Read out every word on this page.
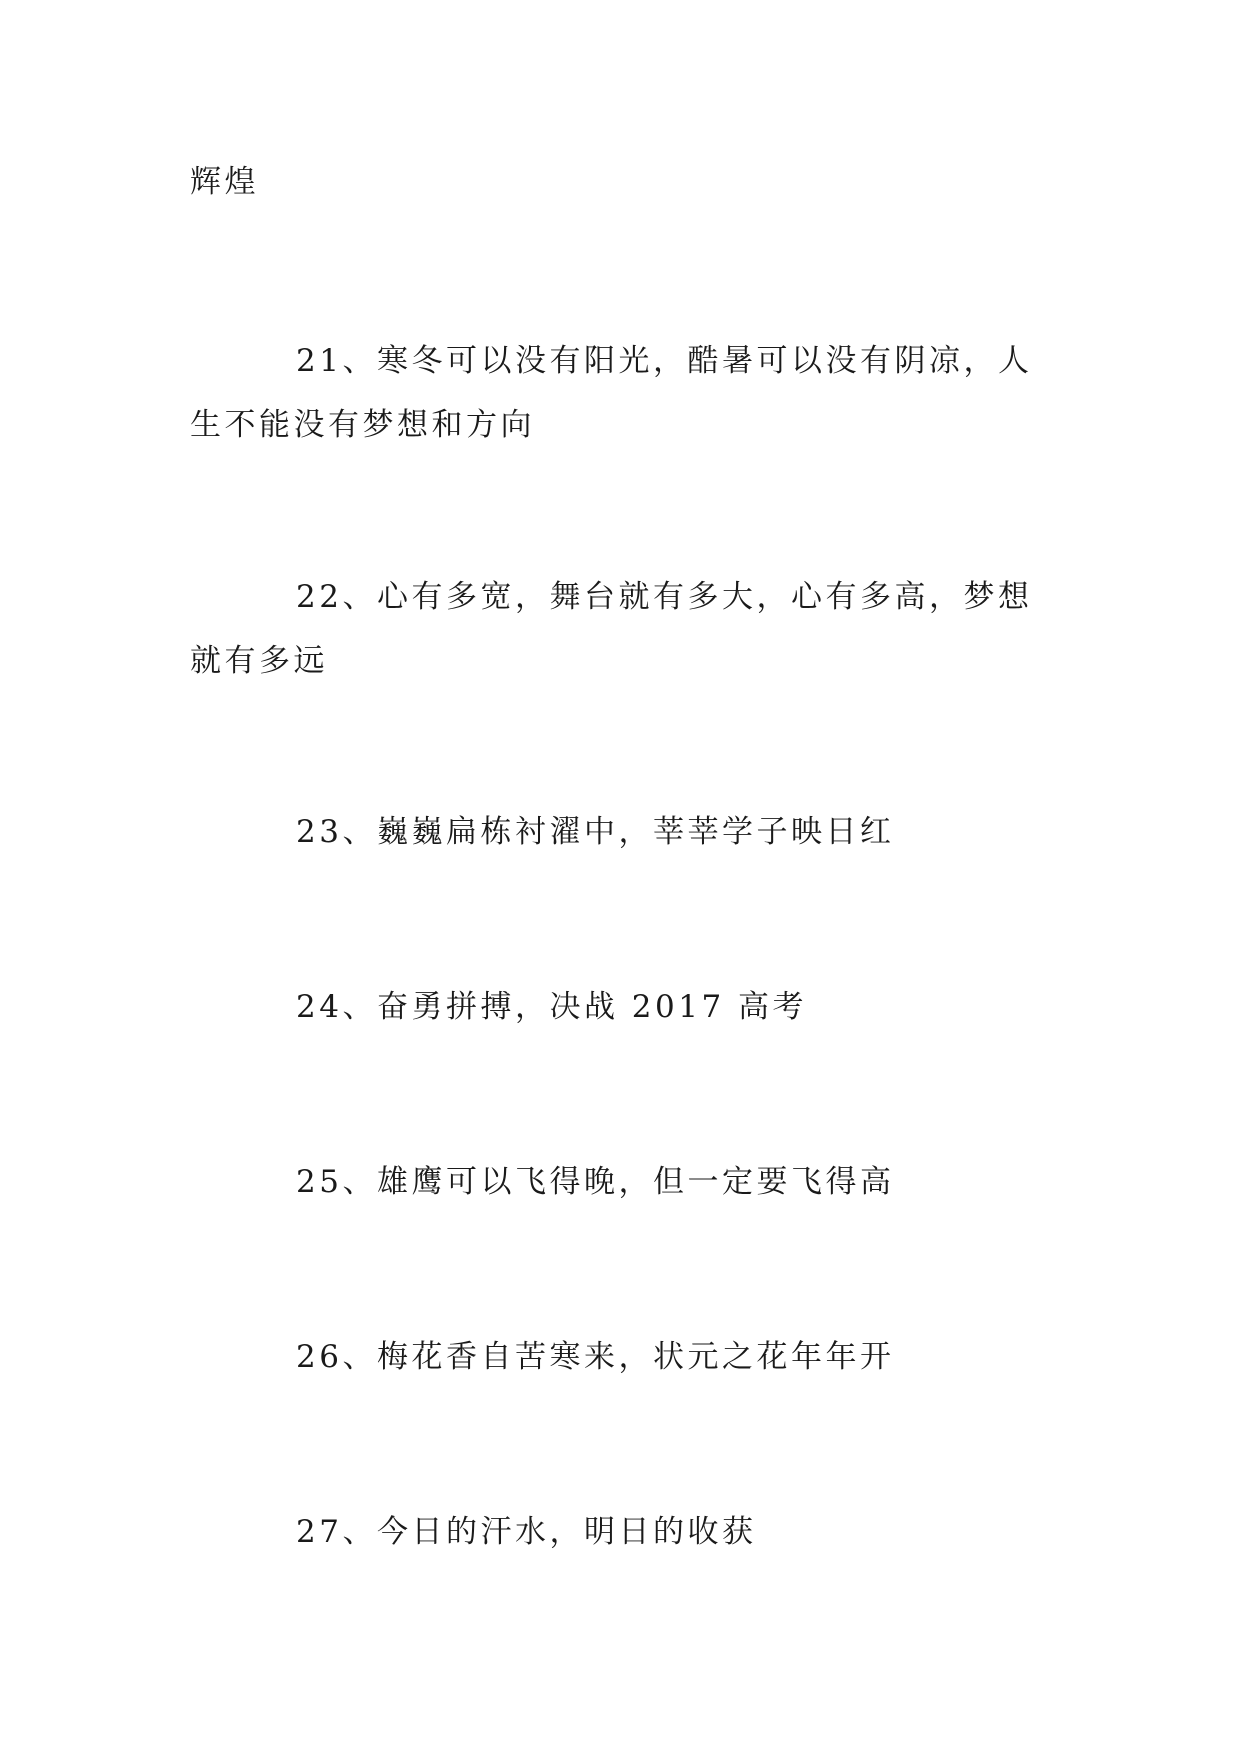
辉煌

21、寒冬可以没有阳光，酷暑可以没有阴凉，人生不能没有梦想和方向

22、心有多宽，舞台就有多大，心有多高，梦想就有多远

23、巍巍扁栋衬濯中，莘莘学子映日红

24、奋勇拼搏，决战 2017 高考

25、雄鹰可以飞得晚，但一定要飞得高

26、梅花香自苦寒来，状元之花年年开

27、今日的汗水，明日的收获
